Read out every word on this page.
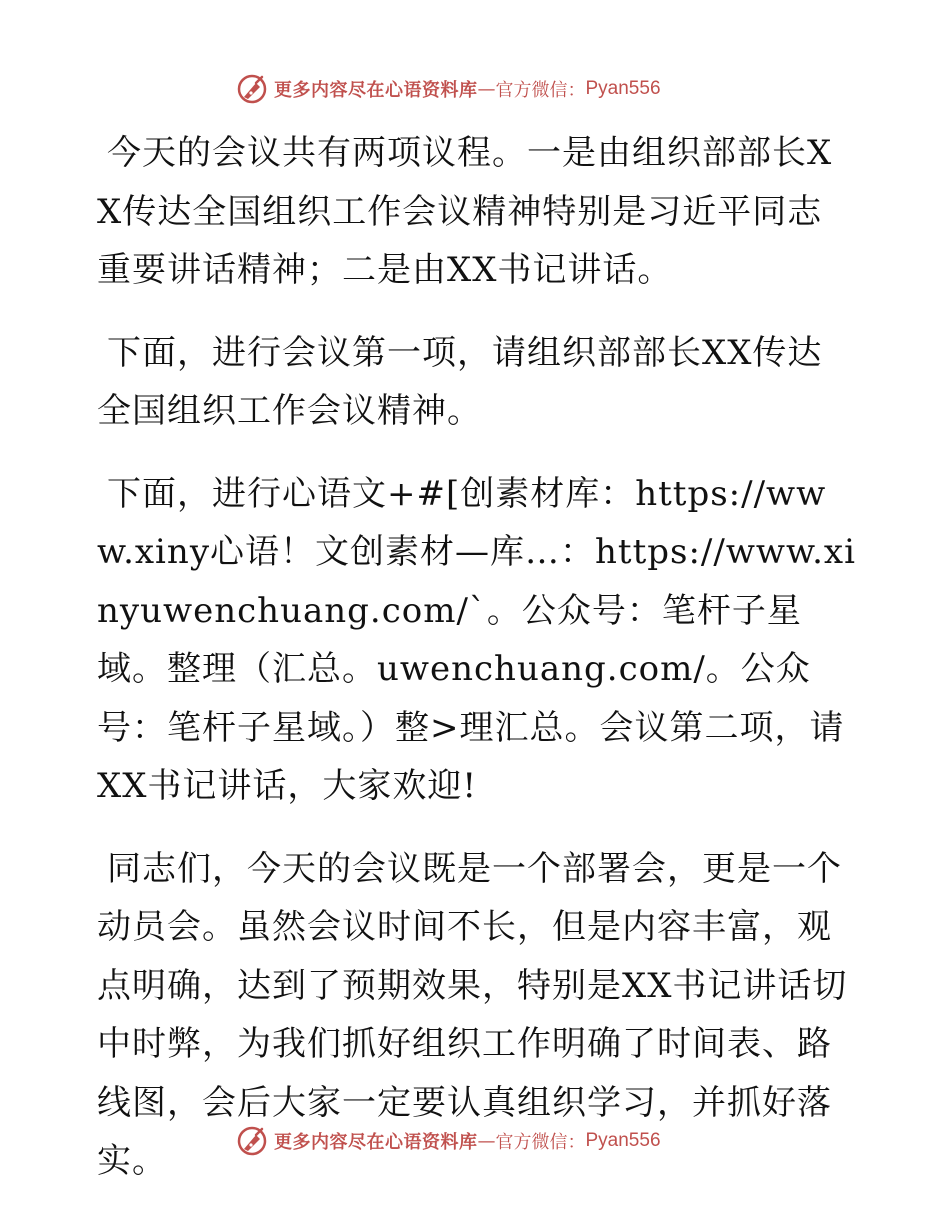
更多内容尽在心语资料库 — 官方微信： Pyan556

今天的会议共有两项议程。一是由组织部部长XX传达全国组织工作会议精神特别是习近平同志重要讲话精神；二是由XX书记讲话。

下面，进行会议第一项，请组织部部长XX传达全国组织工作会议精神。

下面，进行心语文+#[创素材库：https://www.xiny心语！文创素材—库…：https://www.xinyuwenchuang.com/`。公众号：笔杆子星域。整理（汇总。uwenchuang.com/。公众号：笔杆子星域。）整>理汇总。会议第二项，请XX书记讲话，大家欢迎!

同志们，今天的会议既是一个部署会，更是一个动员会。虽然会议时间不长，但是内容丰富，观点明确，达到了预期效果，特别是XX书记讲话切中时弊，为我们抓好组织工作明确了时间表、路线图，会后大家一定要认真组织学习，并抓好落实。	更多内容尽在心语资料库 — 官方微信： Pyan556
